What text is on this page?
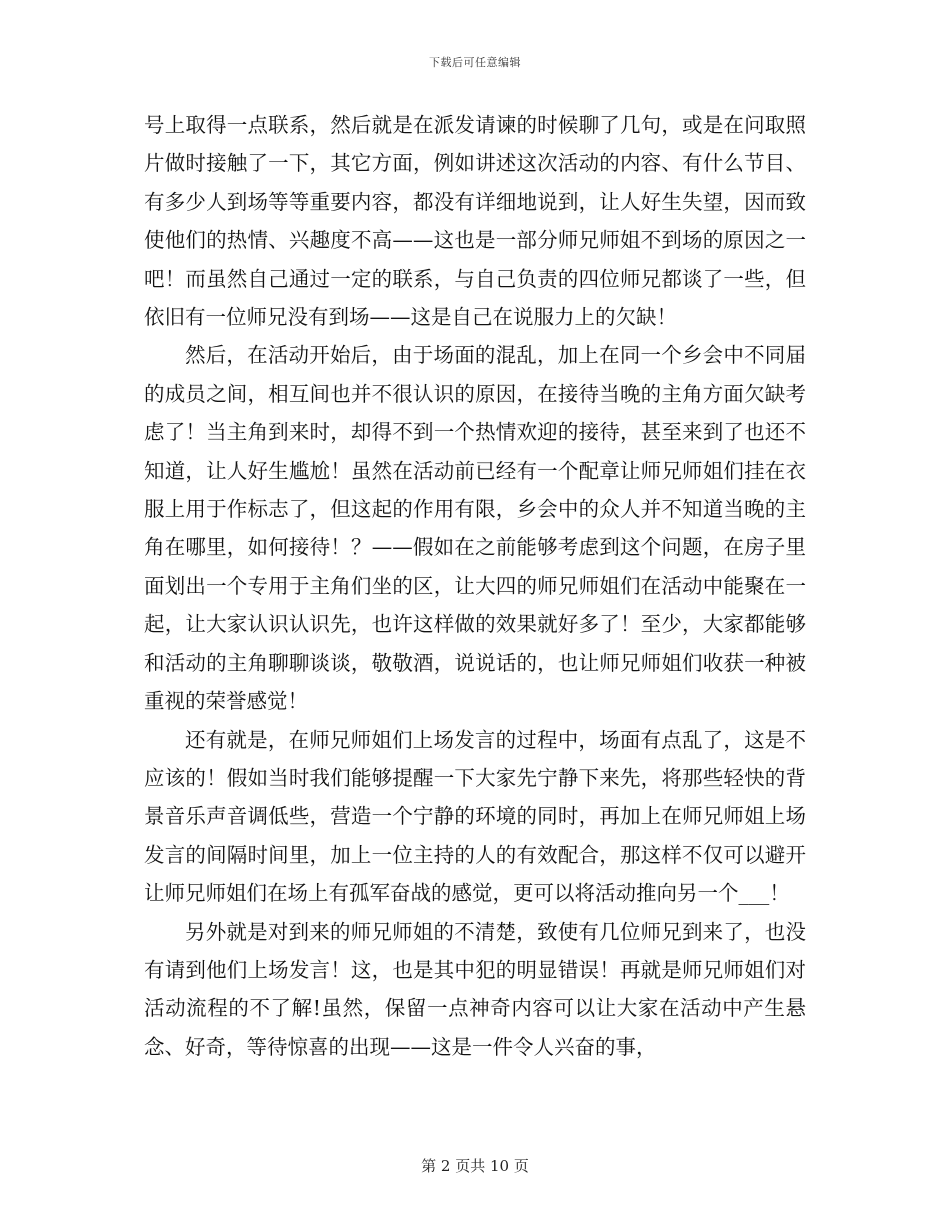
下载后可任意编辑

号上取得一点联系，然后就是在派发请谏的时候聊了几句，或是在问取照片做时接触了一下，其它方面，例如讲述这次活动的内容、有什么节目、有多少人到场等等重要内容，都没有详细地说到，让人好生失望，因而致使他们的热情、兴趣度不高——这也是一部分师兄师姐不到场的原因之一吧！而虽然自己通过一定的联系，与自己负责的四位师兄都谈了一些，但依旧有一位师兄没有到场——这是自己在说服力上的欠缺！

然后，在活动开始后，由于场面的混乱，加上在同一个乡会中不同届的成员之间，相互间也并不很认识的原因，在接待当晚的主角方面欠缺考虑了！当主角到来时，却得不到一个热情欢迎的接待，甚至来到了也还不知道，让人好生尴尬！虽然在活动前已经有一个配章让师兄师姐们挂在衣服上用于作标志了，但这起的作用有限，乡会中的众人并不知道当晚的主角在哪里，如何接待！？——假如在之前能够考虑到这个问题，在房子里面划出一个专用于主角们坐的区，让大四的师兄师姐们在活动中能聚在一起，让大家认识认识先，也许这样做的效果就好多了！至少，大家都能够和活动的主角聊聊谈谈，敬敬酒，说说话的，也让师兄师姐们收获一种被重视的荣誉感觉！

还有就是，在师兄师姐们上场发言的过程中，场面有点乱了，这是不应该的！假如当时我们能够提醒一下大家先宁静下来先，将那些轻快的背景音乐声音调低些，营造一个宁静的环境的同时，再加上在师兄师姐上场发言的间隔时间里，加上一位主持的人的有效配合，那这样不仅可以避开让师兄师姐们在场上有孤军奋战的感觉，更可以将活动推向另一个___！

另外就是对到来的师兄师姐的不清楚，致使有几位师兄到来了，也没有请到他们上场发言！这，也是其中犯的明显错误！再就是师兄师姐们对活动流程的不了解!虽然，保留一点神奇内容可以让大家在活动中产生悬念、好奇，等待惊喜的出现——这是一件令人兴奋的事，

第 2 页共 10 页
